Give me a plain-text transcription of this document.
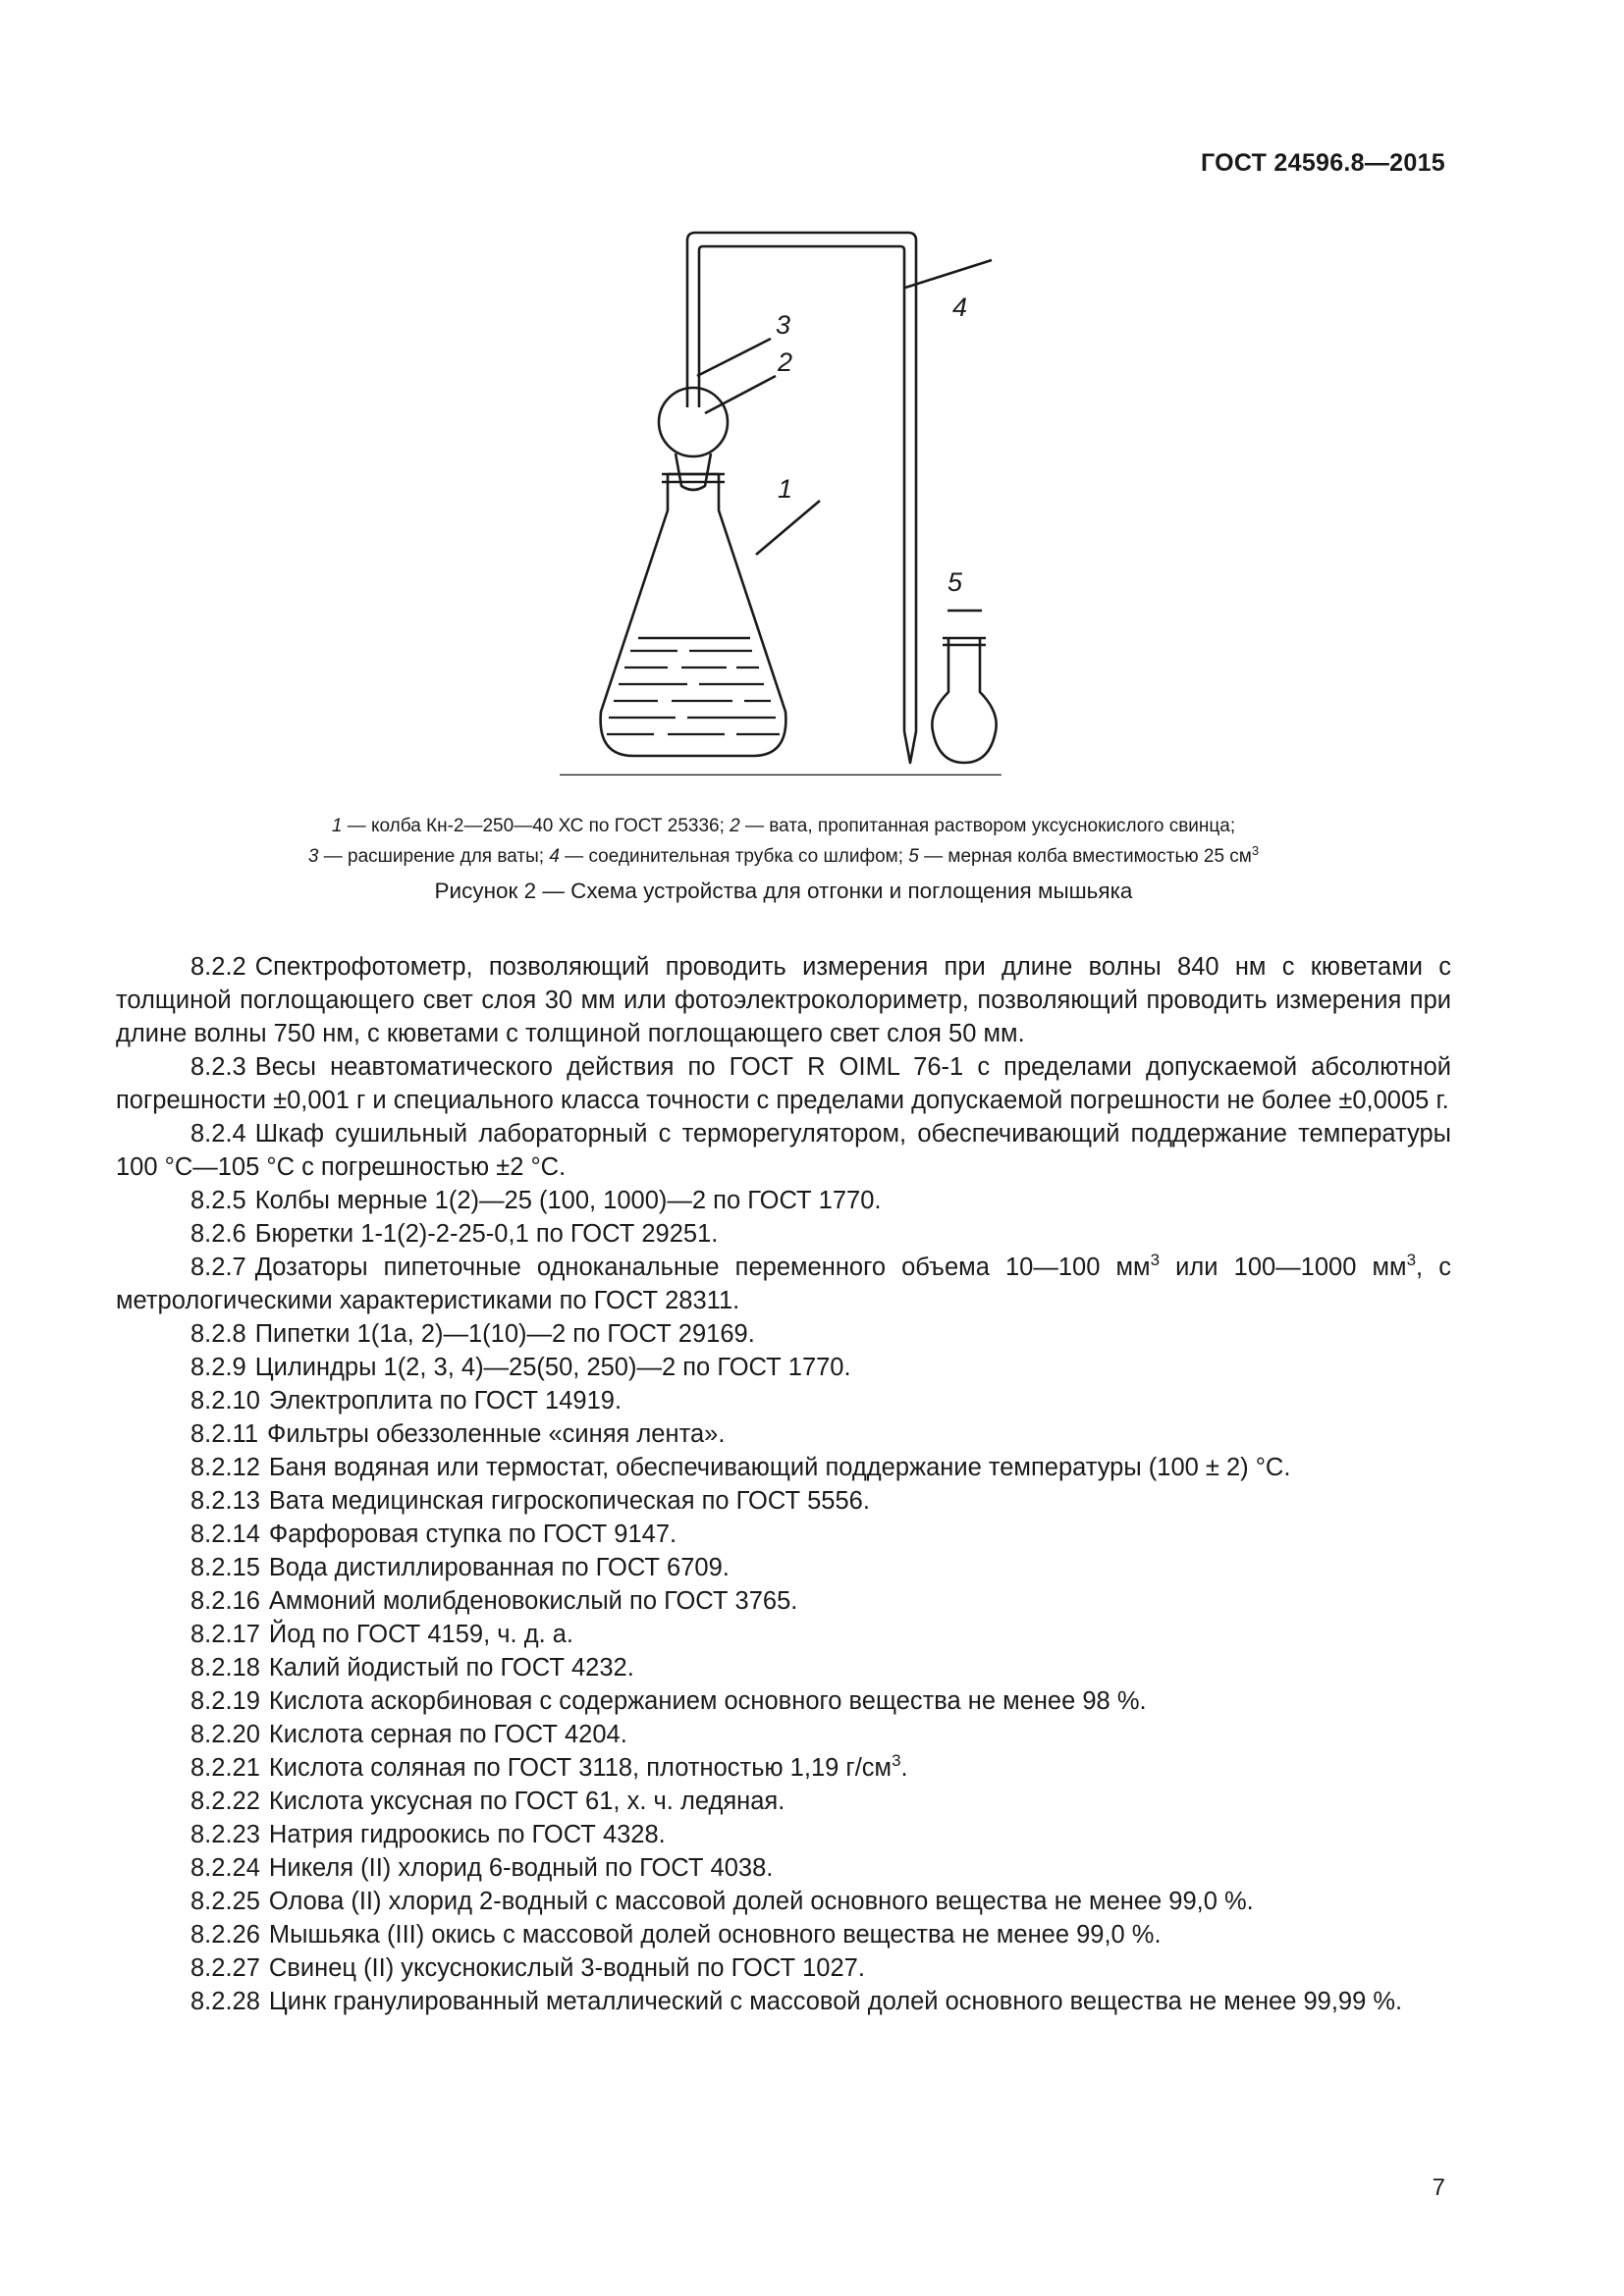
ГОСТ 24596.8—2015
3
2
4
1
5
1 — колба Кн-2—250—40 ХС по ГОСТ 25336; 2 — вата, пропитанная раствором уксуснокислого свинца;
3 — расширение для ваты; 4 — соединительная трубка со шлифом; 5 — мерная колба вместимостью 25 $см^3$
Рисунок 2 — Схема устройства для отгонки и поглощения мышьяка

8.2.2 Спектрофотометр, позволяющий проводить измерения при длине волны 840 нм с кюветами с толщиной поглощающего свет слоя 30 мм или фотоэлектроколориметр, позволяющий проводить измерения при длине волны 750 нм, с кюветами с толщиной поглощающего свет слоя 50 мм.

8.2.3 Весы неавтоматического действия по ГОСТ R OIML 76-1 с пределами допускаемой абсолютной погрешности ±0,001 г и специального класса точности с пределами допускаемой погрешности не более ±0,0005 г.

8.2.4 Шкаф сушильный лабораторный с терморегулятором, обеспечивающий поддержание температуры 100 °С—105 °С с погрешностью ±2 °С.

8.2.5 Колбы мерные 1(2)—25 (100, 1000)—2 по ГОСТ 1770.

8.2.6 Бюретки 1-1(2)-2-25-0,1 по ГОСТ 29251.

8.2.7 Дозаторы пипеточные одноканальные переменного объема 10—100 $мм^3$ или 100—1000 $мм^3$, с метрологическими характеристиками по ГОСТ 28311.

8.2.8 Пипетки 1(1а, 2)—1(10)—2 по ГОСТ 29169.

8.2.9 Цилиндры 1(2, 3, 4)—25(50, 250)—2 по ГОСТ 1770.

8.2.10 Электроплита по ГОСТ 14919.

8.2.11 Фильтры обеззоленные «синяя лента».

8.2.12 Баня водяная или термостат, обеспечивающий поддержание температуры (100 ± 2) °С.

8.2.13 Вата медицинская гигроскопическая по ГОСТ 5556.

8.2.14 Фарфоровая ступка по ГОСТ 9147.

8.2.15 Вода дистиллированная по ГОСТ 6709.

8.2.16 Аммоний молибденовокислый по ГОСТ 3765.

8.2.17 Йод по ГОСТ 4159, ч. д. а.

8.2.18 Калий йодистый по ГОСТ 4232.

8.2.19 Кислота аскорбиновая с содержанием основного вещества не менее 98 %.

8.2.20 Кислота серная по ГОСТ 4204.

8.2.21 Кислота соляная по ГОСТ 3118, плотностью 1,19 $г/см^3$.

8.2.22 Кислота уксусная по ГОСТ 61, х. ч. ледяная.

8.2.23 Натрия гидроокись по ГОСТ 4328.

8.2.24 Никеля (II) хлорид 6-водный по ГОСТ 4038.

8.2.25 Олова (II) хлорид 2-водный с массовой долей основного вещества не менее 99,0 %.

8.2.26 Мышьяка (III) окись с массовой долей основного вещества не менее 99,0 %.

8.2.27 Свинец (II) уксуснокислый 3-водный по ГОСТ 1027.

8.2.28 Цинк гранулированный металлический с массовой долей основного вещества не менее 99,99 %.

7
